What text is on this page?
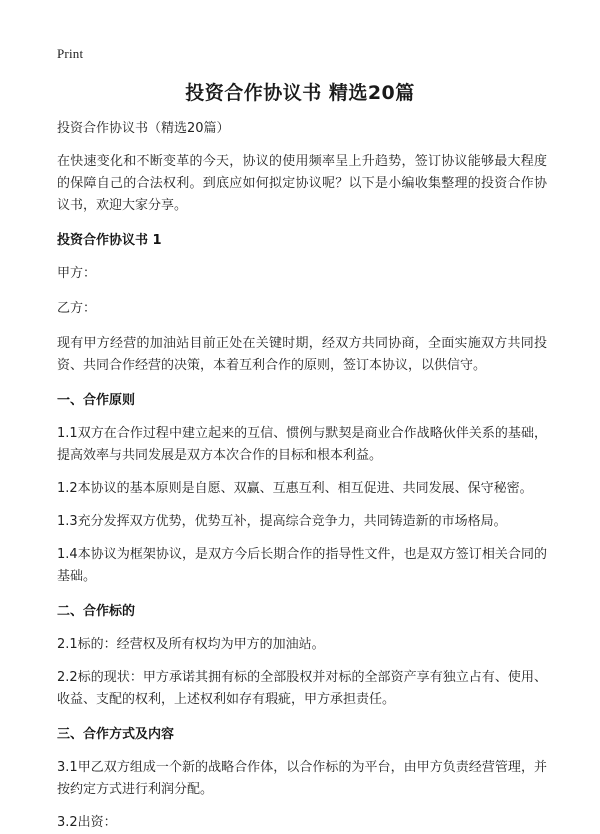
Print
投资合作协议书 精选20篇

投资合作协议书（精选20篇）

在快速变化和不断变革的今天，协议的使用频率呈上升趋势，签订协议能够最大程度的保障自己的合法权利。到底应如何拟定协议呢？以下是小编收集整理的投资合作协议书，欢迎大家分享。

投资合作协议书 1

甲方：

乙方：

现有甲方经营的加油站目前正处在关键时期，经双方共同协商，全面实施双方共同投资、共同合作经营的决策，本着互利合作的原则，签订本协议，以供信守。

一、合作原则

1.1双方在合作过程中建立起来的互信、惯例与默契是商业合作战略伙伴关系的基础，提高效率与共同发展是双方本次合作的目标和根本利益。

1.2本协议的基本原则是自愿、双赢、互惠互利、相互促进、共同发展、保守秘密。

1.3充分发挥双方优势，优势互补，提高综合竞争力，共同铸造新的市场格局。

1.4本协议为框架协议，是双方今后长期合作的指导性文件，也是双方签订相关合同的基础。

二、合作标的

2.1标的：经营权及所有权均为甲方的加油站。

2.2标的现状：甲方承诺其拥有标的全部股权并对标的全部资产享有独立占有、使用、收益、支配的权利，上述权利如存有瑕疵，甲方承担责任。

三、合作方式及内容

3.1甲乙双方组成一个新的战略合作体，以合作标的为平台，由甲方负责经营管理，并按约定方式进行利润分配。

3.2出资：
